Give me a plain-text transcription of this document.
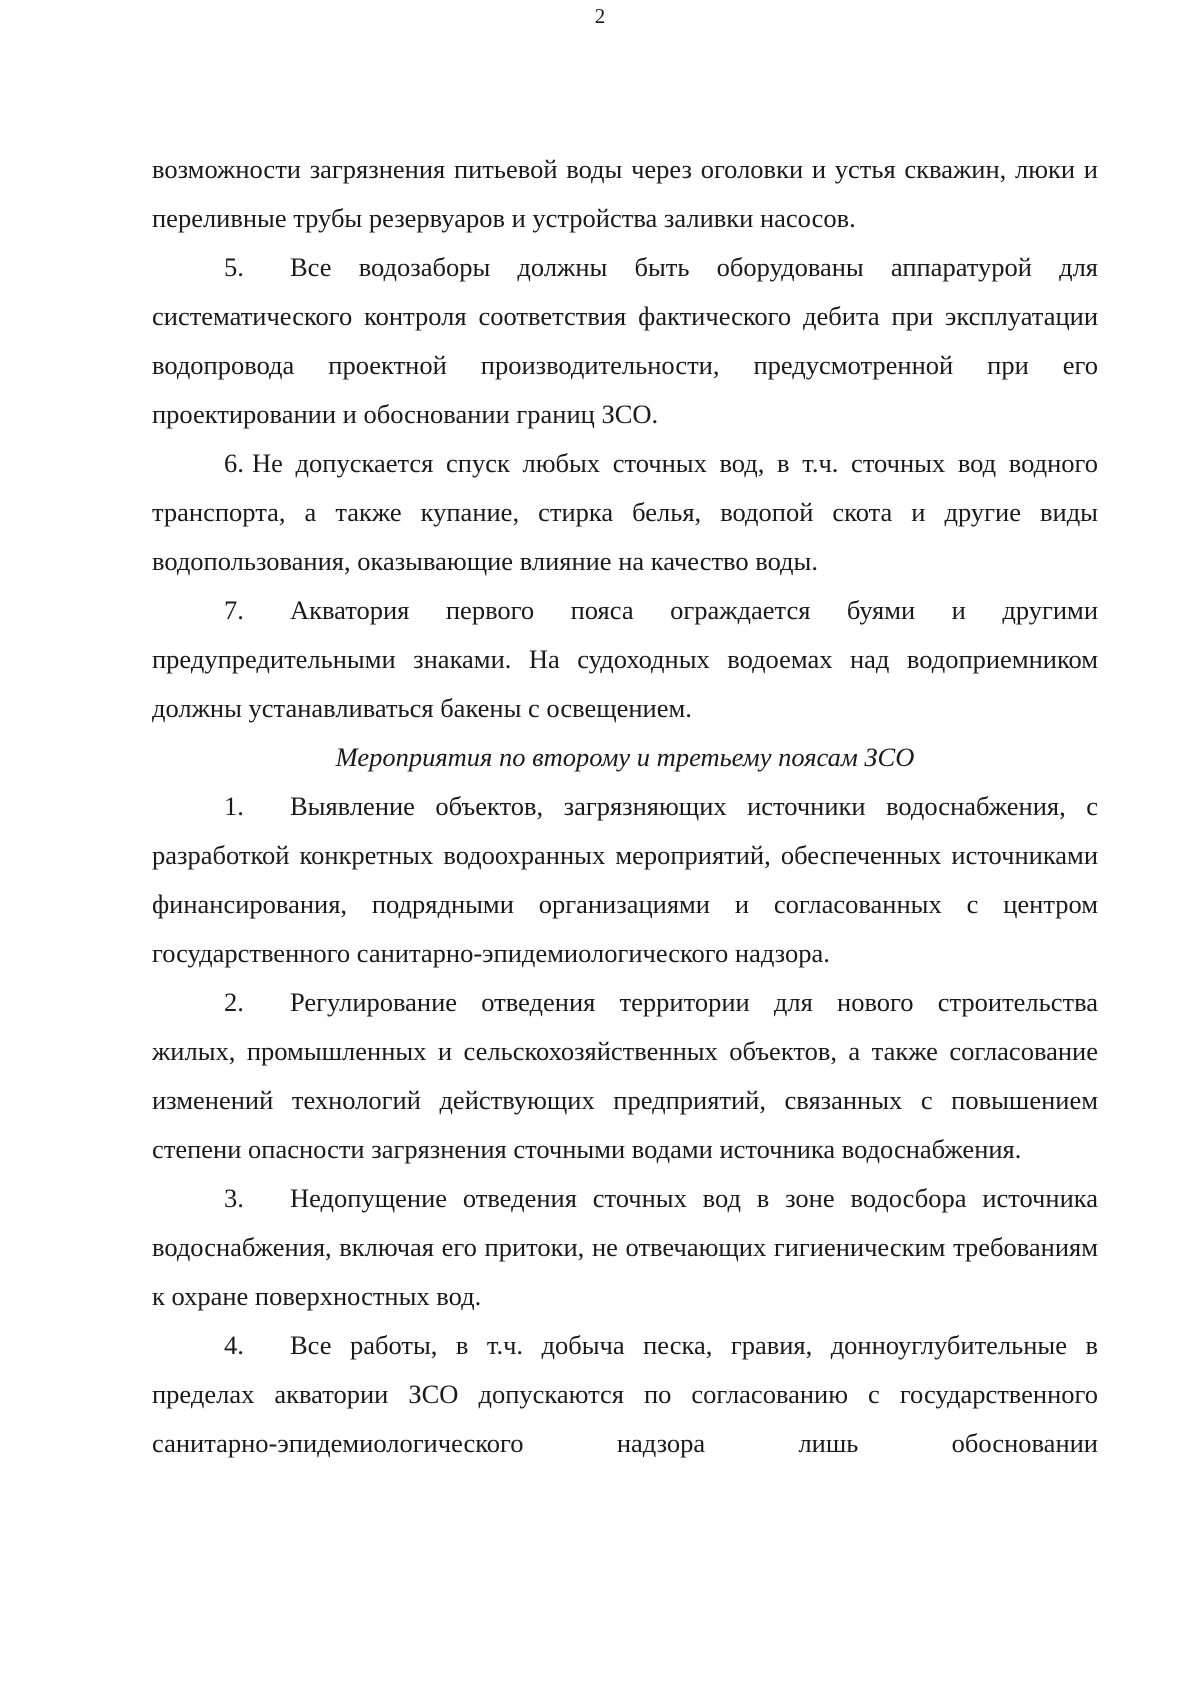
2

возможности загрязнения питьевой воды через оголовки и устья скважин, люки и переливные трубы резервуаров и устройства заливки насосов.

5. Все водозаборы должны быть оборудованы аппаратурой для систематического контроля соответствия фактического дебита при эксплуатации водопровода проектной производительности, предусмотренной при его проектировании и обосновании границ ЗСО.

6. Не допускается спуск любых сточных вод, в т.ч. сточных вод водного транспорта, а также купание, стирка белья, водопой скота и другие виды водопользования, оказывающие влияние на качество воды.

7. Акватория первого пояса ограждается буями и другими предупредительными знаками. На судоходных водоемах над водоприемником должны устанавливаться бакены с освещением.

Мероприятия по второму и третьему поясам ЗСО

1. Выявление объектов, загрязняющих источники водоснабжения, с разработкой конкретных водоохранных мероприятий, обеспеченных источниками финансирования, подрядными организациями и согласованных с центром государственного санитарно-эпидемиологического надзора.

2. Регулирование отведения территории для нового строительства жилых, промышленных и сельскохозяйственных объектов, а также согласование изменений технологий действующих предприятий, связанных с повышением степени опасности загрязнения сточными водами источника водоснабжения.

3. Недопущение отведения сточных вод в зоне водосбора источника водоснабжения, включая его притоки, не отвечающих гигиеническим требованиям к охране поверхностных вод.

4. Все работы, в т.ч. добыча песка, гравия, донноуглубительные в пределах акватории ЗСО допускаются по согласованию с государственного санитарно-эпидемиологического надзора лишь обосновании
